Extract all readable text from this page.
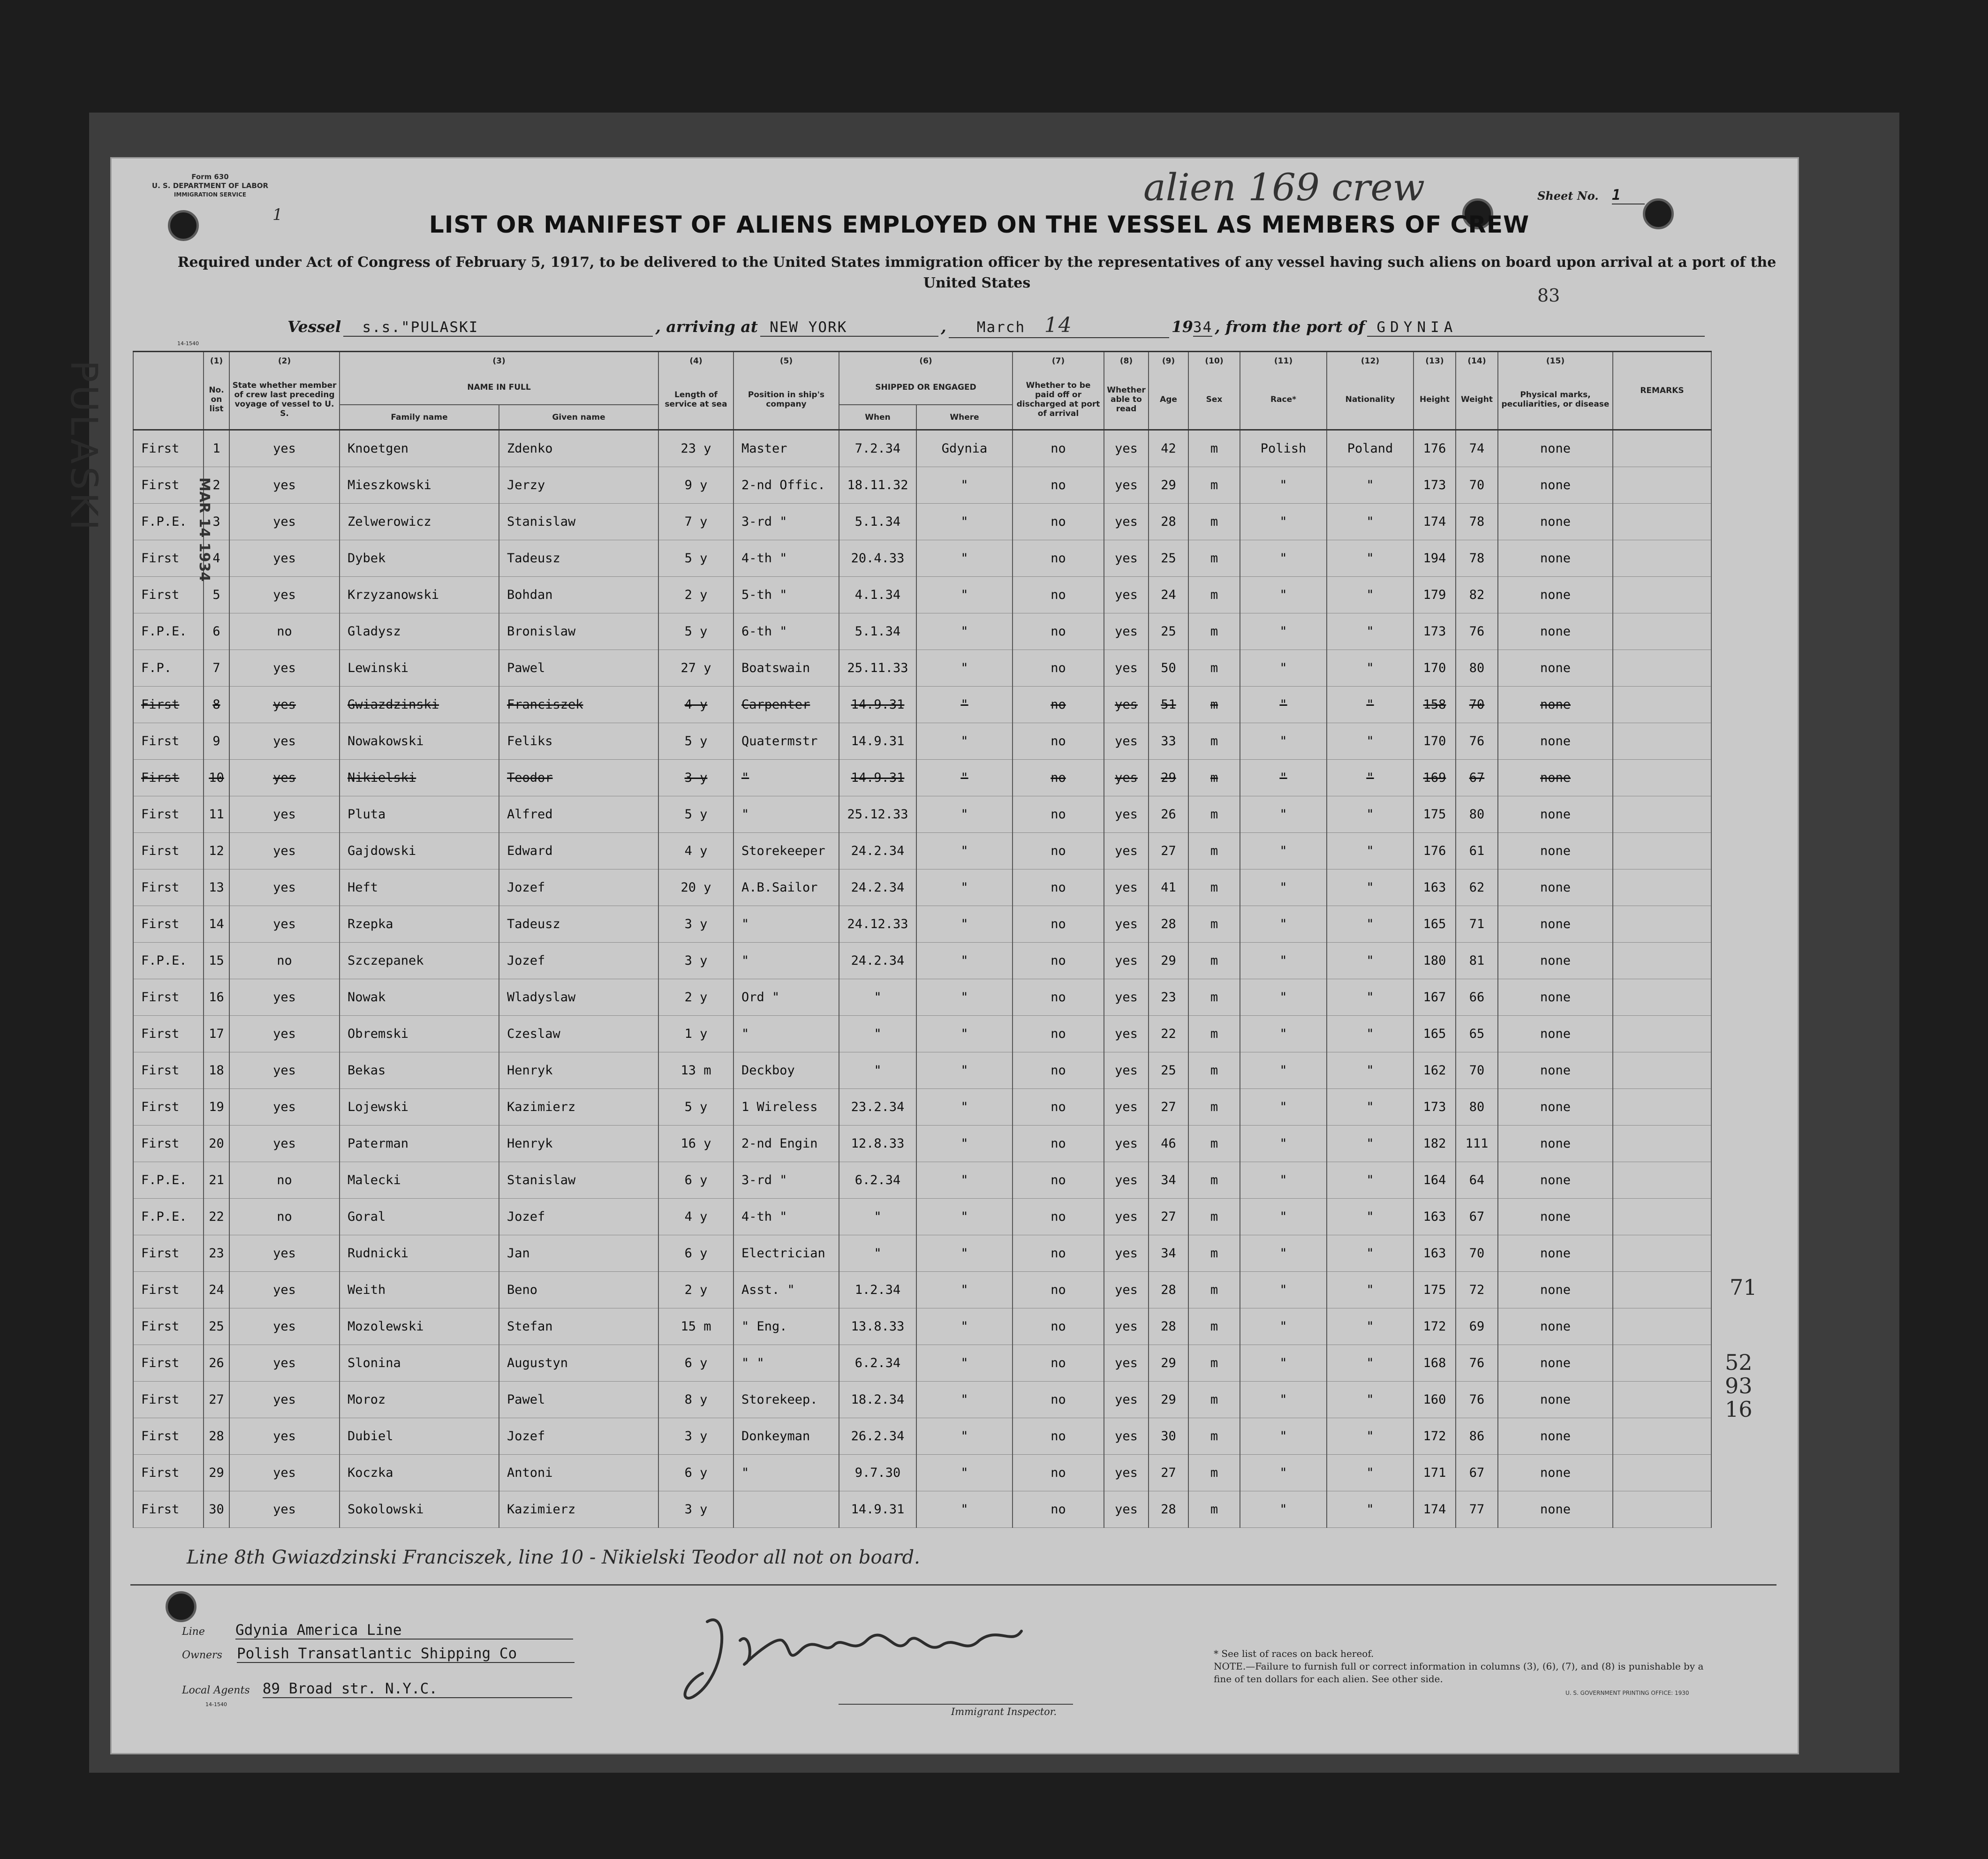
Form 630
U. S. DEPARTMENT OF LABOR
IMMIGRATION SERVICE
1
alien 169 crew	Sheet No. 1
LIST OR MANIFEST OF ALIENS EMPLOYED ON THE VESSEL AS MEMBERS OF CREW
Required under Act of Congress of February 5, 1917, to be delivered to the United States immigration officer by the representatives of any vessel having such aliens on board upon arrival at a port of the United States
83
Vessel s.s."PULASKI	, arriving at NEW YORK	, March 14	1934 , from the port of GDYNIA
14-1540
	(1)	(2)	(3)		(4)	(5)	(6)		(7)	(8)	(9)	(10)	(11)	(12)	(13)	(14)	(15)	REMARKS
	No. on list	State whether member of crew last preceding voyage of vessel to U. S.	NAME IN FULL		Length of service at sea	Position in ship's company	SHIPPED OR ENGAGED		Whether to be paid off or discharged at port of arrival	Whether able to read	Age	Sex	Race*	Nationality	Height	Weight	Physical marks, peculiarities, or disease	
			Family name	Given name			When	Where										
First	1	yes	Knoetgen	Zdenko	23 y	Master	7.2.34	Gdynia	no	yes	42	m	Polish	Poland	176	74	none	
First	2	yes	Mieszkowski	Jerzy	9 y	2-nd Offic.	18.11.32	"	no	yes	29	m	"	"	173	70	none	
F.P.E.	3	yes	Zelwerowicz	Stanislaw	7 y	3-rd "	5.1.34	"	no	yes	28	m	"	"	174	78	none	
First	4	yes	Dybek	Tadeusz	5 y	4-th "	20.4.33	"	no	yes	25	m	"	"	194	78	none	
First	5	yes	Krzyzanowski	Bohdan	2 y	5-th "	4.1.34	"	no	yes	24	m	"	"	179	82	none	
F.P.E.	6	no	Gladysz	Bronislaw	5 y	6-th "	5.1.34	"	no	yes	25	m	"	"	173	76	none	
F.P.	7	yes	Lewinski	Pawel	27 y	Boatswain	25.11.33	"	no	yes	50	m	"	"	170	80	none	
First	8	yes	Gwiazdzinski	Franciszek	4 y	Carpenter	14.9.31	"	no	yes	51	m	"	"	158	70	none	
First	9	yes	Nowakowski	Feliks	5 y	Quatermstr	14.9.31	"	no	yes	33	m	"	"	170	76	none	
First	10	yes	Nikielski	Teodor	3 y	"	14.9.31	"	no	yes	29	m	"	"	169	67	none	
First	11	yes	Pluta	Alfred	5 y	"	25.12.33	"	no	yes	26	m	"	"	175	80	none	
First	12	yes	Gajdowski	Edward	4 y	Storekeeper	24.2.34	"	no	yes	27	m	"	"	176	61	none	
First	13	yes	Heft	Jozef	20 y	A.B.Sailor	24.2.34	"	no	yes	41	m	"	"	163	62	none	
First	14	yes	Rzepka	Tadeusz	3 y	"	24.12.33	"	no	yes	28	m	"	"	165	71	none	
F.P.E.	15	no	Szczepanek	Jozef	3 y	"	24.2.34	"	no	yes	29	m	"	"	180	81	none	
First	16	yes	Nowak	Wladyslaw	2 y	Ord "	"	"	no	yes	23	m	"	"	167	66	none	
First	17	yes	Obremski	Czeslaw	1 y	"	"	"	no	yes	22	m	"	"	165	65	none	
First	18	yes	Bekas	Henryk	13 m	Deckboy	"	"	no	yes	25	m	"	"	162	70	none	
First	19	yes	Lojewski	Kazimierz	5 y	1 Wireless	23.2.34	"	no	yes	27	m	"	"	173	80	none	
First	20	yes	Paterman	Henryk	16 y	2-nd Engin	12.8.33	"	no	yes	46	m	"	"	182	111	none	
F.P.E.	21	no	Malecki	Stanislaw	6 y	3-rd "	6.2.34	"	no	yes	34	m	"	"	164	64	none	
F.P.E.	22	no	Goral	Jozef	4 y	4-th "	"	"	no	yes	27	m	"	"	163	67	none	
First	23	yes	Rudnicki	Jan	6 y	Electrician	"	"	no	yes	34	m	"	"	163	70	none	
First	24	yes	Weith	Beno	2 y	Asst. "	1.2.34	"	no	yes	28	m	"	"	175	72	none	
First	25	yes	Mozolewski	Stefan	15 m	" Eng.	13.8.33	"	no	yes	28	m	"	"	172	69	none	
First	26	yes	Slonina	Augustyn	6 y	" "	6.2.34	"	no	yes	29	m	"	"	168	76	none	
First	27	yes	Moroz	Pawel	8 y	Storekeep.	18.2.34	"	no	yes	29	m	"	"	160	76	none	
First	28	yes	Dubiel	Jozef	3 y	Donkeyman	26.2.34	"	no	yes	30	m	"	"	172	86	none	
First	29	yes	Koczka	Antoni	6 y	"	9.7.30	"	no	yes	27	m	"	"	171	67	none	
First	30	yes	Sokolowski	Kazimierz	3 y		14.9.31	"	no	yes	28	m	"	"	174	77	none	
PULASKI	MAR 14 1934
Line 8th Gwiazdzinski Franciszek, line 10 - Nikielski Teodor all not on board.
Line Gdynia America Line
Owners Polish Transatlantic Shipping Co
Local Agents 89 Broad str. N.Y.C.
14-1540
Immigrant Inspector.
* See list of races on back hereof.
NOTE.—Failure to furnish full or correct information in columns (3), (6), (7), and (8) is punishable by a fine of ten dollars for each alien. See other side.
U. S. GOVERNMENT PRINTING OFFICE: 1930
71
52
93
16
